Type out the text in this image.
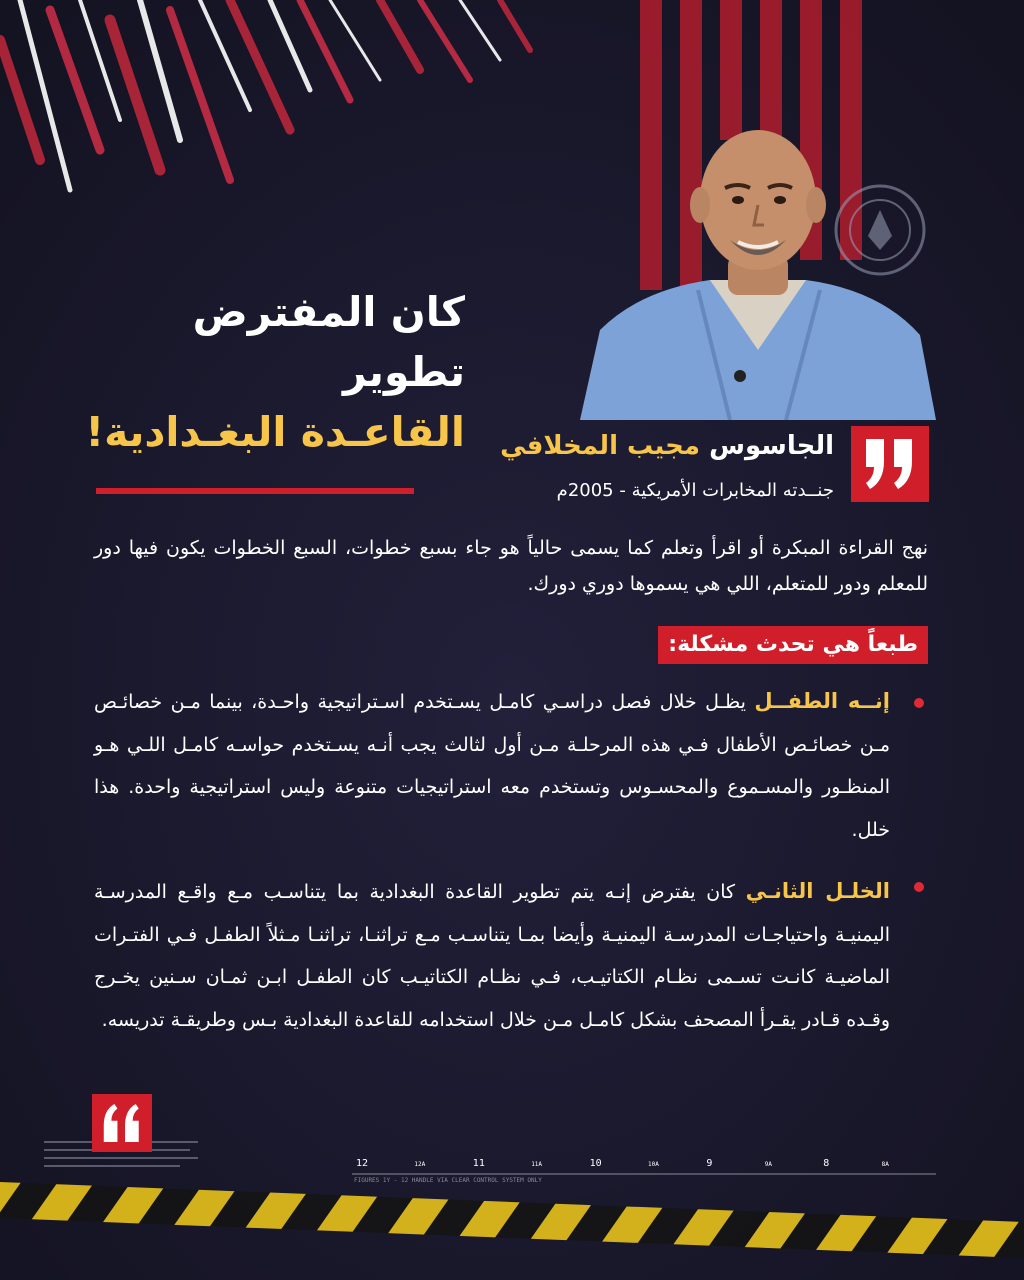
كان المفترض تطوير
القاعـدة البغـدادية!	الجاسوس مجيب المخلافي
جنــدته المخابرات الأمريكية - 2005م
نهج القراءة المبكرة أو اقرأ وتعلم كما يسمى حالياً هو جاء بسبع خطوات، السبع الخطوات يكون فيها دور للمعلم ودور للمتعلم، اللي هي يسموها دوري دورك.
طبعاً هي تحدث مشكلة:
إنــه الطفــل يظـل خلال فصل دراسـي كامـل يسـتخدم اسـتراتيجية واحـدة، بينما مـن خصائـص مـن خصائـص الأطفال فـي هذه المرحلـة مـن أول لثالث يجب أنـه يسـتخدم حواسـه كامـل اللـي هـو المنظـور والمسـموع والمحسـوس وتستخدم معه استراتيجيات متنوعة وليس استراتيجية واحدة. هذا خلل.
الخلـل الثانـي كان يفترض إنـه يتم تطوير القاعدة البغدادية بما يتناسـب مـع واقـع المدرسـة اليمنيـة واحتياجـات المدرسـة اليمنيـة وأيضا بمـا يتناسـب مـع تراثنـا، تراثنـا مـثلاً الطفـل فـي الفتـرات الماضيـة كانـت تسـمى نظـام الكتاتيـب، فـي نظـام الكتاتيـب كان الطفـل ابـن ثمـان سـنين يخـرج وقـده قـادر يقـرأ المصحف بشكل كامـل مـن خلال استخدامه للقاعدة البغدادية بـس وطريقـة تدريسه.
12	12A	11	11A	10	10A	9	9A	8	8A
FIGURES 1Y - 12 HANDLE VIA CLEAR CONTROL SYSTEM ONLY
